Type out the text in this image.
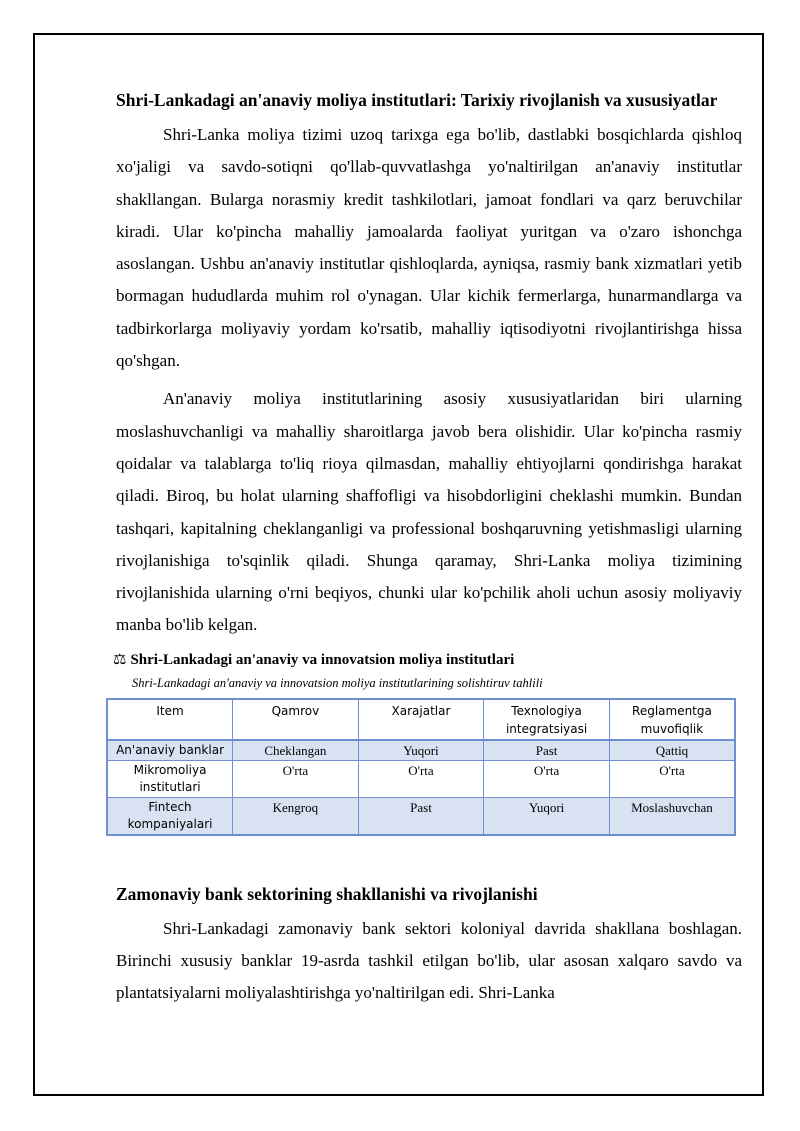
Shri-Lankadagi an'anaviy moliya institutlari: Tarixiy rivojlanish va xususiyatlar

Shri-Lanka moliya tizimi uzoq tarixga ega bo'lib, dastlabki bosqichlarda qishloq xo'jaligi va savdo-sotiqni qo'llab-quvvatlashga yo'naltirilgan an'anaviy institutlar shakllangan. Bularga norasmiy kredit tashkilotlari, jamoat fondlari va qarz beruvchilar kiradi. Ular ko'pincha mahalliy jamoalarda faoliyat yuritgan va o'zaro ishonchga asoslangan. Ushbu an'anaviy institutlar qishloqlarda, ayniqsa, rasmiy bank xizmatlari yetib bormagan hududlarda muhim rol o'ynagan. Ular kichik fermerlarga, hunarmandlarga va tadbirkorlarga moliyaviy yordam ko'rsatib, mahalliy iqtisodiyotni rivojlantirishga hissa qo'shgan.

An'anaviy moliya institutlarining asosiy xususiyatlaridan biri ularning moslashuvchanligi va mahalliy sharoitlarga javob bera olishidir. Ular ko'pincha rasmiy qoidalar va talablarga to'liq rioya qilmasdan, mahalliy ehtiyojlarni qondirishga harakat qiladi. Biroq, bu holat ularning shaffofligi va hisobdorligini cheklashi mumkin. Bundan tashqari, kapitalning cheklanganligi va professional boshqaruvning yetishmasligi ularning rivojlanishiga to'sqinlik qiladi. Shunga qaramay, Shri-Lanka moliya tizimining rivojlanishida ularning o'rni beqiyos, chunki ular ko'pchilik aholi uchun asosiy moliyaviy manba bo'lib kelgan.

⚖ Shri-Lankadagi an'anaviy va innovatsion moliya institutlari
Shri-Lankadagi an'anaviy va innovatsion moliya institutlarining solishtiruv tahlili
Item	Qamrov	Xarajatlar	Texnologiya integratsiyasi	Reglamentga muvofiqlik
An'anaviy banklar	Cheklangan	Yuqori	Past	Qattiq
Mikromoliya institutlari	O'rta	O'rta	O'rta	O'rta
Fintech kompaniyalari	Kengroq	Past	Yuqori	Moslashuvchan
Zamonaviy bank sektorining shakllanishi va rivojlanishi

Shri-Lankadagi zamonaviy bank sektori koloniyal davrida shakllana boshlagan. Birinchi xususiy banklar 19-asrda tashkil etilgan bo'lib, ular asosan xalqaro savdo va plantatsiyalarni moliyalashtirishga yo'naltirilgan edi. Shri-Lanka
